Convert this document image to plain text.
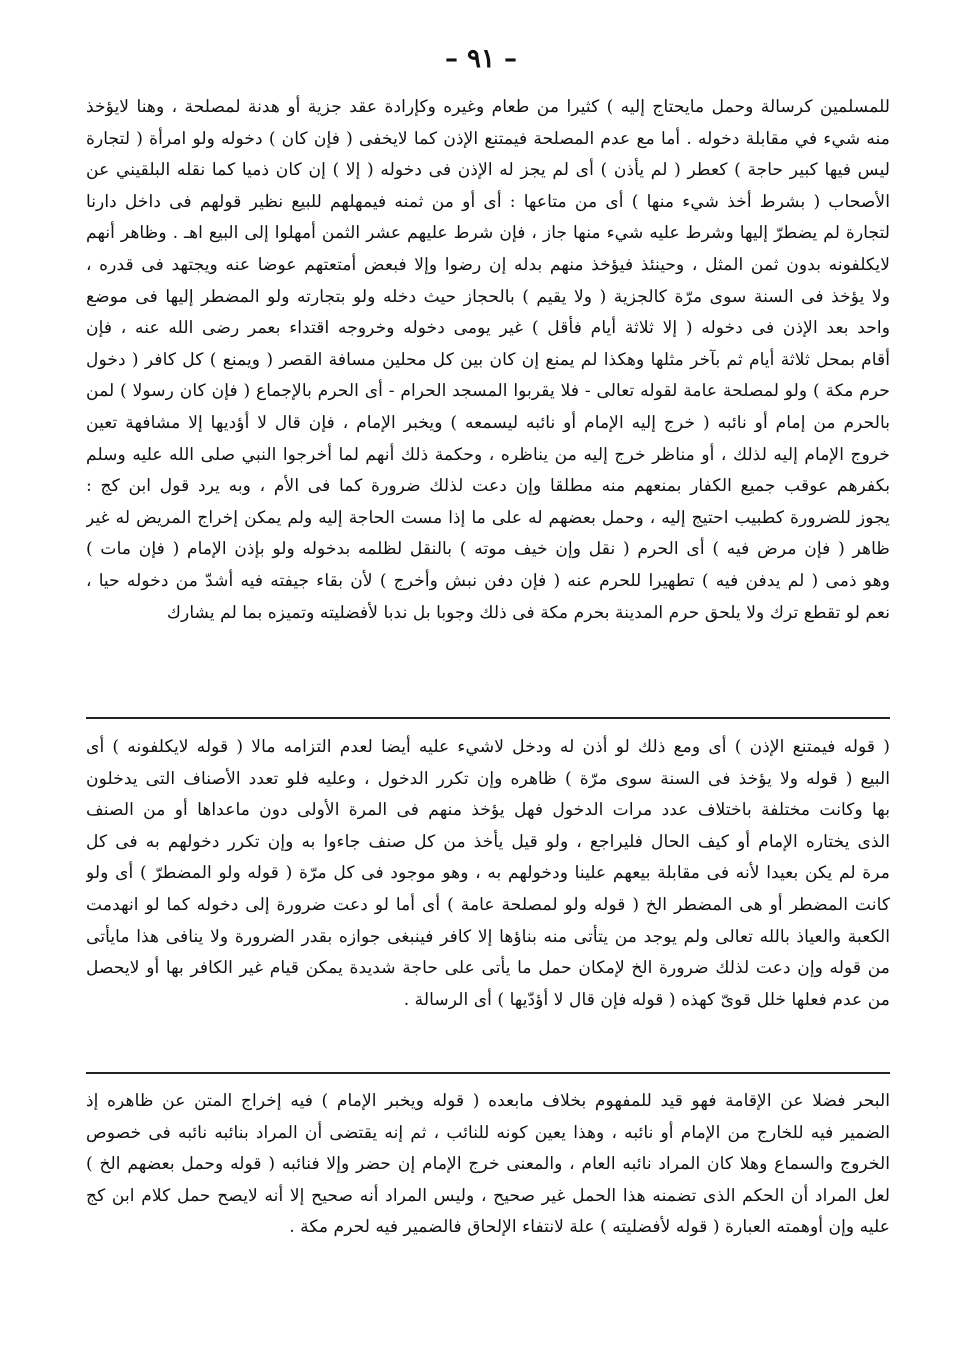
– ٩١ –
للمسلمين كرسالة وحمل مايحتاج إليه ) كثيرا من طعام وغيره وكإرادة عقد جزية أو هدنة لمصلحة ، وهنا لايؤخذ
منه شيء في مقابلة دخوله . أما مع عدم المصلحة فيمتنع الإذن كما لايخفى ( فإن كان ) دخوله ولو امرأة ( لتجارة
ليس فيها كبير حاجة ) كعطر ( لم يأذن ) أى لم يجز له الإذن فى دخوله ( إلا ) إن كان ذميا كما نقله البلقيني عن
الأصحاب ( بشرط أخذ شيء منها ) أى من متاعها : أى أو من ثمنه فيمهلهم للبيع نظير قولهم فى داخل دارنا
لتجارة لم يضطرّ إليها وشرط عليه شيء منها جاز ، فإن شرط عليهم عشر الثمن أمهلوا إلى البيع اهـ . وظاهر أنهم
لايكلفونه بدون ثمن المثل ، وحينئذ فيؤخذ منهم بدله إن رضوا وإلا فبعض أمتعتهم عوضا عنه ويجتهد فى قدره ،
ولا يؤخذ فى السنة سوى مرّة كالجزية ( ولا يقيم ) بالحجاز حيث دخله ولو بتجارته ولو المضطر إليها فى موضع
واحد بعد الإذن فى دخوله ( إلا ثلاثة أيام فأقل ) غير يومى دخوله وخروجه اقتداء بعمر رضى الله عنه ، فإن
أقام بمحل ثلاثة أيام ثم بآخر مثلها وهكذا لم يمنع إن كان بين كل محلين مسافة القصر ( ويمنع ) كل كافر ( دخول
حرم مكة ) ولو لمصلحة عامة لقوله تعالى - فلا يقربوا المسجد الحرام - أى الحرم بالإجماع ( فإن كان رسولا ) لمن
بالحرم من إمام أو نائبه ( خرج إليه الإمام أو نائبه ليسمعه ) ويخبر الإمام ، فإن قال لا أؤديها إلا مشافهة تعين
خروج الإمام إليه لذلك ، أو مناظر خرج إليه من يناظره ، وحكمة ذلك أنهم لما أخرجوا النبي صلى الله عليه وسلم
بكفرهم عوقب جميع الكفار بمنعهم منه مطلقا وإن دعت لذلك ضرورة كما فى الأم ، وبه يرد قول ابن كج :
يجوز للضرورة كطبيب احتيج إليه ، وحمل بعضهم له على ما إذا مست الحاجة إليه ولم يمكن إخراج المريض له غير
ظاهر ( فإن مرض فيه ) أى الحرم ( نقل وإن خيف موته ) بالنقل لظلمه بدخوله ولو بإذن الإمام ( فإن مات )
وهو ذمى ( لم يدفن فيه ) تطهيرا للحرم عنه ( فإن دفن نبش وأخرج ) لأن بقاء جيفته فيه أشدّ من دخوله حيا ،
نعم لو تقطع ترك ولا يلحق حرم المدينة بحرم مكة فى ذلك وجوبا بل ندبا لأفضليته وتميزه بما لم يشارك
( قوله فيمتنع الإذن ) أى ومع ذلك لو أذن له ودخل لاشيء عليه أيضا لعدم التزامه مالا ( قوله لايكلفونه ) أى
البيع ( قوله ولا يؤخذ فى السنة سوى مرّة ) ظاهره وإن تكرر الدخول ، وعليه فلو تعدد الأصناف التى يدخلون
بها وكانت مختلفة باختلاف عدد مرات الدخول فهل يؤخذ منهم فى المرة الأولى دون ماعداها أو من الصنف
الذى يختاره الإمام أو كيف الحال فليراجع ، ولو قيل يأخذ من كل صنف جاءوا به وإن تكرر دخولهم به فى كل
مرة لم يكن بعيدا لأنه فى مقابلة بيعهم علينا ودخولهم به ، وهو موجود فى كل مرّة ( قوله ولو المضطرّ ) أى ولو
كانت المضطر أو هى المضطر الخ ( قوله ولو لمصلحة عامة ) أى أما لو دعت ضرورة إلى دخوله كما لو انهدمت
الكعبة والعياذ بالله تعالى ولم يوجد من يتأتى منه بناؤها إلا كافر فينبغى جوازه بقدر الضرورة ولا ينافى هذا مايأتى
من قوله وإن دعت لذلك ضرورة الخ لإمكان حمل ما يأتى على حاجة شديدة يمكن قيام غير الكافر بها أو لايحصل
من عدم فعلها خلل قوىّ كهذه ( قوله فإن قال لا أؤدّيها ) أى الرسالة .
البحر فضلا عن الإقامة فهو قيد للمفهوم بخلاف مابعده ( قوله ويخبر الإمام ) فيه إخراج المتن عن ظاهره إذ
الضمير فيه للخارج من الإمام أو نائبه ، وهذا يعين كونه للنائب ، ثم إنه يقتضى أن المراد بنائبه نائبه فى خصوص
الخروج والسماع وهلا كان المراد نائبه العام ، والمعنى خرج الإمام إن حضر وإلا فنائبه ( قوله وحمل بعضهم الخ )
لعل المراد أن الحكم الذى تضمنه هذا الحمل غير صحيح ، وليس المراد أنه صحيح إلا أنه لايصح حمل كلام ابن كج
عليه وإن أوهمته العبارة ( قوله لأفضليته ) علة لانتفاء الإلحاق فالضمير فيه لحرم مكة .
